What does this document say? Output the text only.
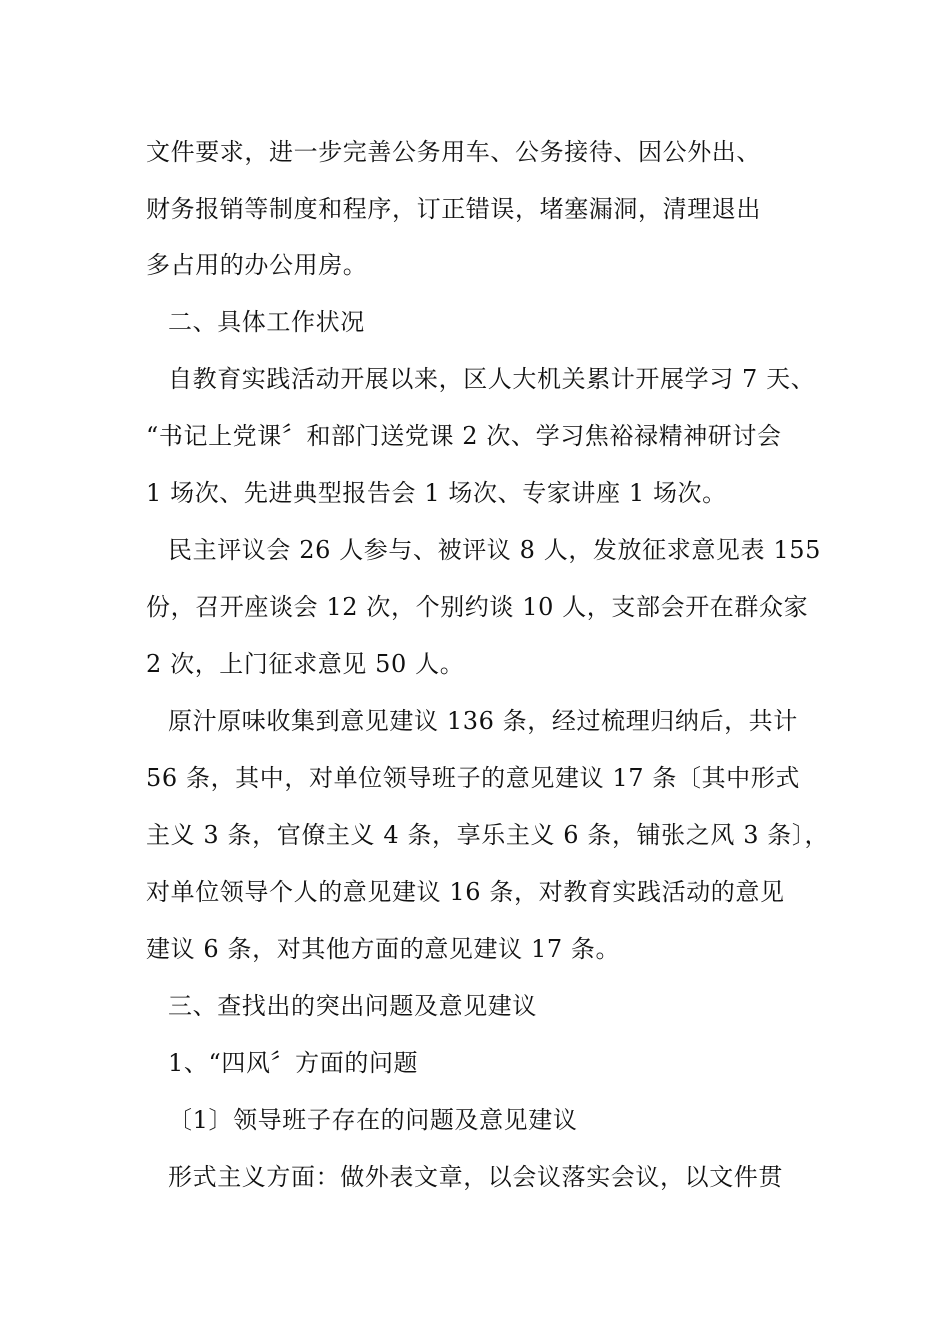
文件要求，进一步完善公务用车、公务接待、因公外出、
财务报销等制度和程序，订正错误，堵塞漏洞，清理退出
多占用的办公用房。
二、具体工作状况
自教育实践活动开展以来，区人大机关累计开展学习 7 天、
“书记上党课〞和部门送党课 2 次、学习焦裕禄精神研讨会
1 场次、先进典型报告会 1 场次、专家讲座 1 场次。
民主评议会 26 人参与、被评议 8 人，发放征求意见表 155
份，召开座谈会 12 次，个别约谈 10 人，支部会开在群众家
2 次，上门征求意见 50 人。
原汁原味收集到意见建议 136 条，经过梳理归纳后，共计
56 条，其中，对单位领导班子的意见建议 17 条〔其中形式
主义 3 条，官僚主义 4 条，享乐主义 6 条，铺张之风 3 条〕，
对单位领导个人的意见建议 16 条，对教育实践活动的意见
建议 6 条，对其他方面的意见建议 17 条。
三、查找出的突出问题及意见建议
1、“四风〞方面的问题
〔1〕领导班子存在的问题及意见建议
形式主义方面：做外表文章，以会议落实会议，以文件贯
